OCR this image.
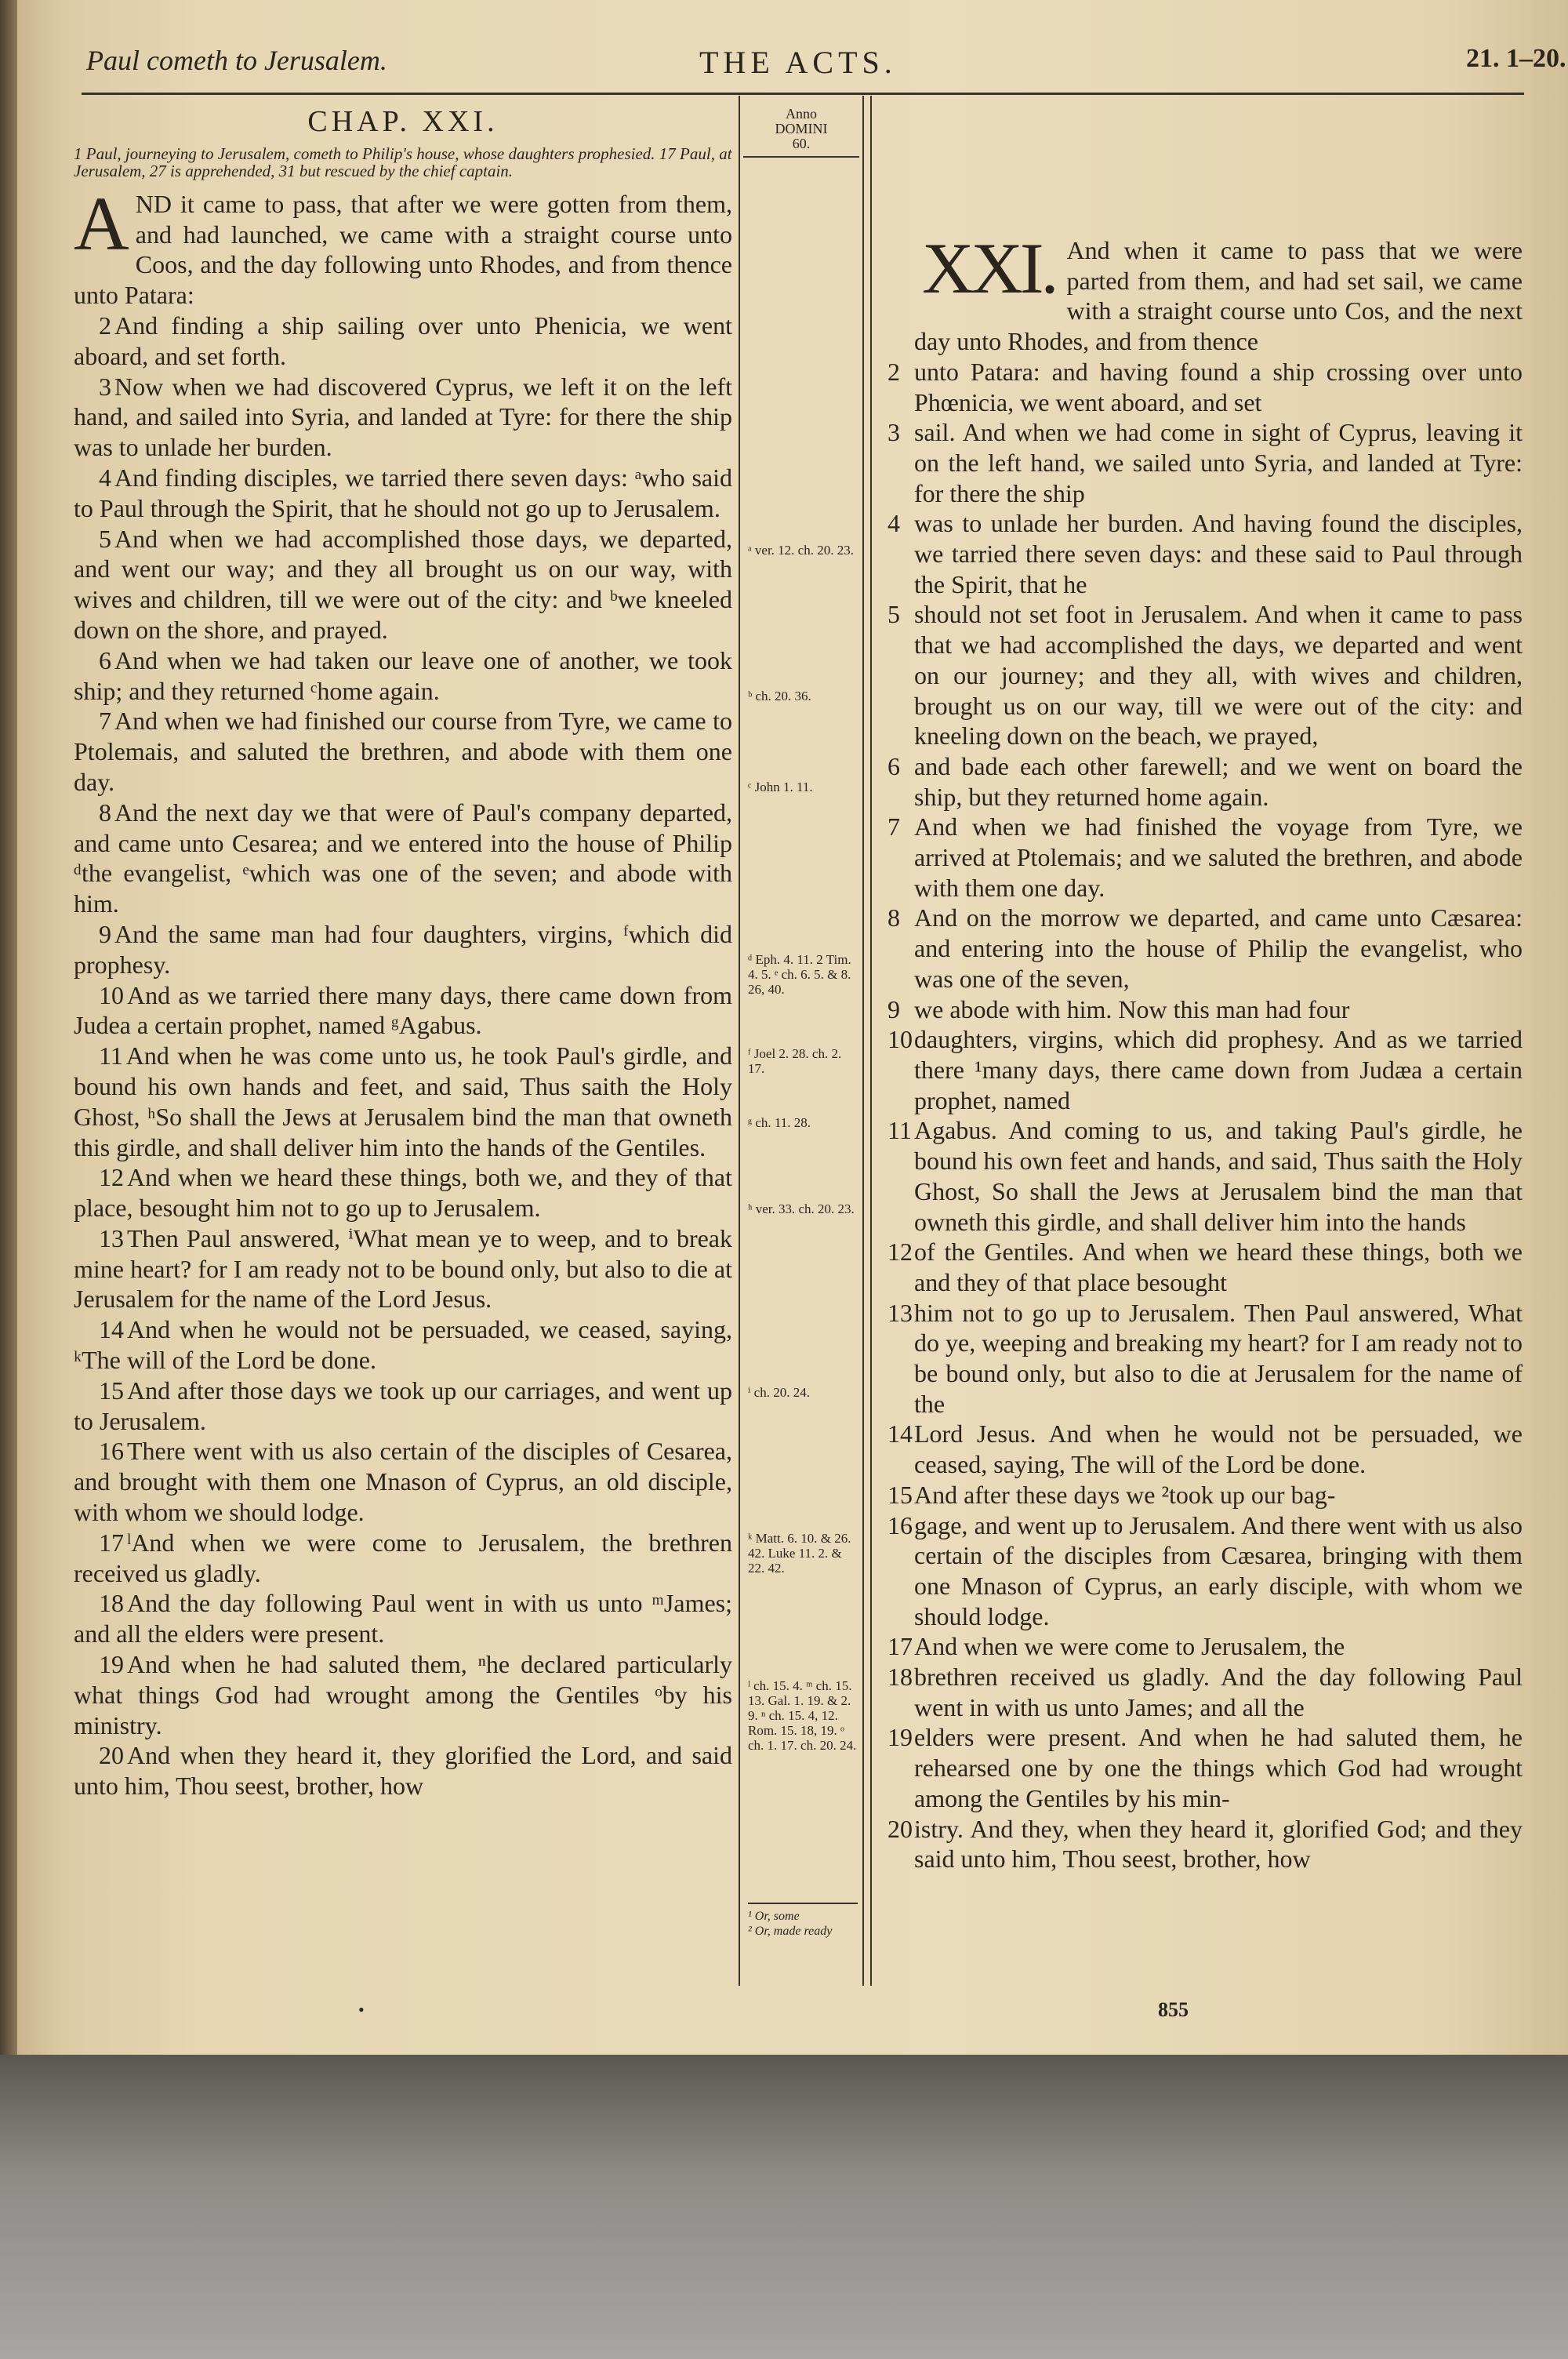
Paul cometh to Jerusalem.	THE ACTS.	21. 1–20.
CHAP. XXI.

1 Paul, journeying to Jerusalem, cometh to Philip's house, whose daughters prophesied. 17 Paul, at Jerusalem, 27 is apprehended, 31 but rescued by the chief captain.

AND it came to pass, that after we were gotten from them, and had launched, we came with a straight course unto Coos, and the day following unto Rhodes, and from thence unto Patara:

 2 And finding a ship sailing over unto Phenicia, we went aboard, and set forth.

 3 Now when we had discovered Cyprus, we left it on the left hand, and sailed into Syria, and landed at Tyre: for there the ship was to unlade her burden.

 4 And finding disciples, we tarried there seven days: ᵃwho said to Paul through the Spirit, that he should not go up to Jerusalem.

 5 And when we had accomplished those days, we departed, and went our way; and they all brought us on our way, with wives and children, till we were out of the city: and ᵇwe kneeled down on the shore, and prayed.

 6 And when we had taken our leave one of another, we took ship; and they returned ᶜhome again.

 7 And when we had finished our course from Tyre, we came to Ptolemais, and saluted the brethren, and abode with them one day.

 8 And the next day we that were of Paul's company departed, and came unto Cesarea; and we entered into the house of Philip ᵈthe evangelist, ᵉwhich was one of the seven; and abode with him.

 9 And the same man had four daughters, virgins, ᶠwhich did prophesy.

 10 And as we tarried there many days, there came down from Judea a certain prophet, named ᵍAgabus.

 11 And when he was come unto us, he took Paul's girdle, and bound his own hands and feet, and said, Thus saith the Holy Ghost, ʰSo shall the Jews at Jerusalem bind the man that owneth this girdle, and shall deliver him into the hands of the Gentiles.

 12 And when we heard these things, both we, and they of that place, besought him not to go up to Jerusalem.

 13 Then Paul answered, ⁱWhat mean ye to weep, and to break mine heart? for I am ready not to be bound only, but also to die at Jerusalem for the name of the Lord Jesus.

 14 And when he would not be persuaded, we ceased, saying, ᵏThe will of the Lord be done.

 15 And after those days we took up our carriages, and went up to Jerusalem.

 16 There went with us also certain of the disciples of Cesarea, and brought with them one Mnason of Cyprus, an old disciple, with whom we should lodge.

 17 ˡAnd when we were come to Jerusalem, the brethren received us gladly.

 18 And the day following Paul went in with us unto ᵐJames; and all the elders were present.

 19 And when he had saluted them, ⁿhe declared particularly what things God had wrought among the Gentiles ᵒby his ministry.

 20 And when they heard it, they glorified the Lord, and said unto him, Thou seest, brother, how

Anno
DOMINI
60.
ᵃ ver. 12. ch. 20. 23.
ᵇ ch. 20. 36.
ᶜ John 1. 11.
ᵈ Eph. 4. 11. 2 Tim. 4. 5. ᵉ ch. 6. 5. & 8. 26, 40.
ᶠ Joel 2. 28. ch. 2. 17.
ᵍ ch. 11. 28.
ʰ ver. 33. ch. 20. 23.
ⁱ ch. 20. 24.
ᵏ Matt. 6. 10. & 26. 42. Luke 11. 2. & 22. 42.
ˡ ch. 15. 4. ᵐ ch. 15. 13. Gal. 1. 19. & 2. 9. ⁿ ch. 15. 4, 12. Rom. 15. 18, 19. ᵒ ch. 1. 17. ch. 20. 24.
¹ Or, some
² Or, made ready

XXI. And when it came to pass that we were parted from them, and had set sail, we came with a straight course unto Cos, and the next day unto Rhodes, and from thence

2 unto Patara: and having found a ship crossing over unto Phœnicia, we went aboard, and set

3 sail. And when we had come in sight of Cyprus, leaving it on the left hand, we sailed unto Syria, and landed at Tyre: for there the ship

4 was to unlade her burden. And having found the disciples, we tarried there seven days: and these said to Paul through the Spirit, that he

5 should not set foot in Jerusalem. And when it came to pass that we had accomplished the days, we departed and went on our journey; and they all, with wives and children, brought us on our way, till we were out of the city: and kneeling down on the beach, we prayed,

6 and bade each other farewell; and we went on board the ship, but they returned home again.

7 And when we had finished the voyage from Tyre, we arrived at Ptolemais; and we saluted the brethren, and abode with them one day.

8 And on the morrow we departed, and came unto Cæsarea: and entering into the house of Philip the evangelist, who was one of the seven,

9 we abode with him. Now this man had four

10 daughters, virgins, which did prophesy. And as we tarried there ¹many days, there came down from Judæa a certain prophet, named

11 Agabus. And coming to us, and taking Paul's girdle, he bound his own feet and hands, and said, Thus saith the Holy Ghost, So shall the Jews at Jerusalem bind the man that owneth this girdle, and shall deliver him into the hands

12 of the Gentiles. And when we heard these things, both we and they of that place besought

13 him not to go up to Jerusalem. Then Paul answered, What do ye, weeping and breaking my heart? for I am ready not to be bound only, but also to die at Jerusalem for the name of the

14 Lord Jesus. And when he would not be persuaded, we ceased, saying, The will of the Lord be done.

15 And after these days we ²took up our bag-

16 gage, and went up to Jerusalem. And there went with us also certain of the disciples from Cæsarea, bringing with them one Mnason of Cyprus, an early disciple, with whom we should lodge.

17 And when we were come to Jerusalem, the

18 brethren received us gladly. And the day following Paul went in with us unto James; and all the

19 elders were present. And when he had saluted them, he rehearsed one by one the things which God had wrought among the Gentiles by his min-

20 istry. And they, when they heard it, glorified God; and they said unto him, Thou seest, brother, how

855
•
